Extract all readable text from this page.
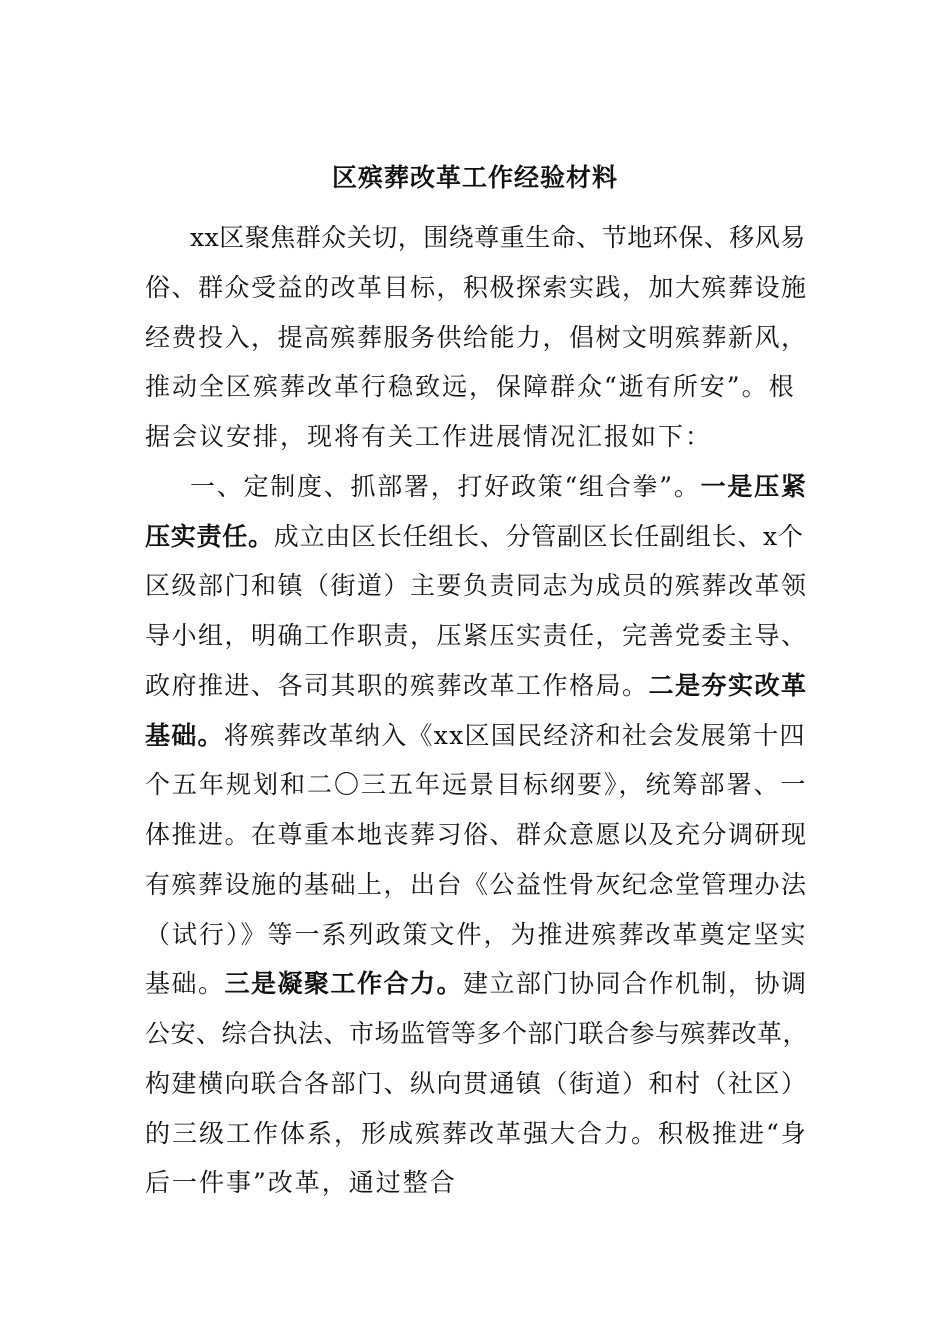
区殡葬改革工作经验材料
xx区聚焦群众关切，围绕尊重生命、节地环保、移风易
俗、群众受益的改革目标，积极探索实践，加大殡葬设施
经费投入，提高殡葬服务供给能力，倡树文明殡葬新风，
推动全区殡葬改革行稳致远，保障群众“逝有所安”。根
据会议安排，现将有关工作进展情况汇报如下：
一、定制度、抓部署，打好政策“组合拳”。一是压紧
压实责任。成立由区长任组长、分管副区长任副组长、x个
区级部门和镇（街道）主要负责同志为成员的殡葬改革领
导小组，明确工作职责，压紧压实责任，完善党委主导、
政府推进、各司其职的殡葬改革工作格局。二是夯实改革
基础。将殡葬改革纳入《xx区国民经济和社会发展第十四
个五年规划和二〇三五年远景目标纲要》，统筹部署、一
体推进。在尊重本地丧葬习俗、群众意愿以及充分调研现
有殡葬设施的基础上，出台《公益性骨灰纪念堂管理办法
（试行）》等一系列政策文件，为推进殡葬改革奠定坚实
基础。三是凝聚工作合力。建立部门协同合作机制，协调
公安、综合执法、市场监管等多个部门联合参与殡葬改革，
构建横向联合各部门、纵向贯通镇（街道）和村（社区）
的三级工作体系，形成殡葬改革强大合力。积极推进“身
后一件事”改革，通过整合
